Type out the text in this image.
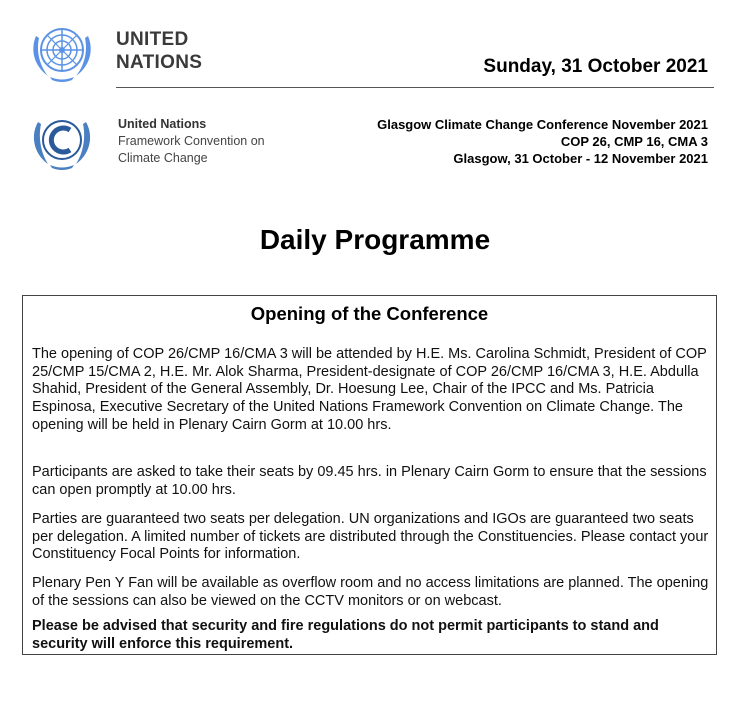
UNITED
NATIONS	Sunday, 31 October 2021
United Nations
Framework Convention on
Climate Change
Glasgow Climate Change Conference November 2021
COP 26, CMP 16, CMA 3
Glasgow, 31 October - 12 November 2021
Daily Programme
Opening of the Conference
The opening of COP 26/CMP 16/CMA 3 will be attended by H.E. Ms. Carolina Schmidt, President of COP 25/CMP 15/CMA 2, H.E. Mr. Alok Sharma, President-designate of COP 26/CMP 16/CMA 3, H.E. Abdulla Shahid, President of the General Assembly, Dr. Hoesung Lee, Chair of the IPCC and Ms. Patricia Espinosa, Executive Secretary of the United Nations Framework Convention on Climate Change. The opening will be held in Plenary Cairn Gorm at 10.00 hrs.
Participants are asked to take their seats by 09.45 hrs. in Plenary Cairn Gorm to ensure that the sessions can open promptly at 10.00 hrs.
Parties are guaranteed two seats per delegation. UN organizations and IGOs are guaranteed two seats per delegation. A limited number of tickets are distributed through the Constituencies. Please contact your Constituency Focal Points for information.
Plenary Pen Y Fan will be available as overflow room and no access limitations are planned. The opening of the sessions can also be viewed on the CCTV monitors or on webcast.
Please be advised that security and fire regulations do not permit participants to stand and security will enforce this requirement.
